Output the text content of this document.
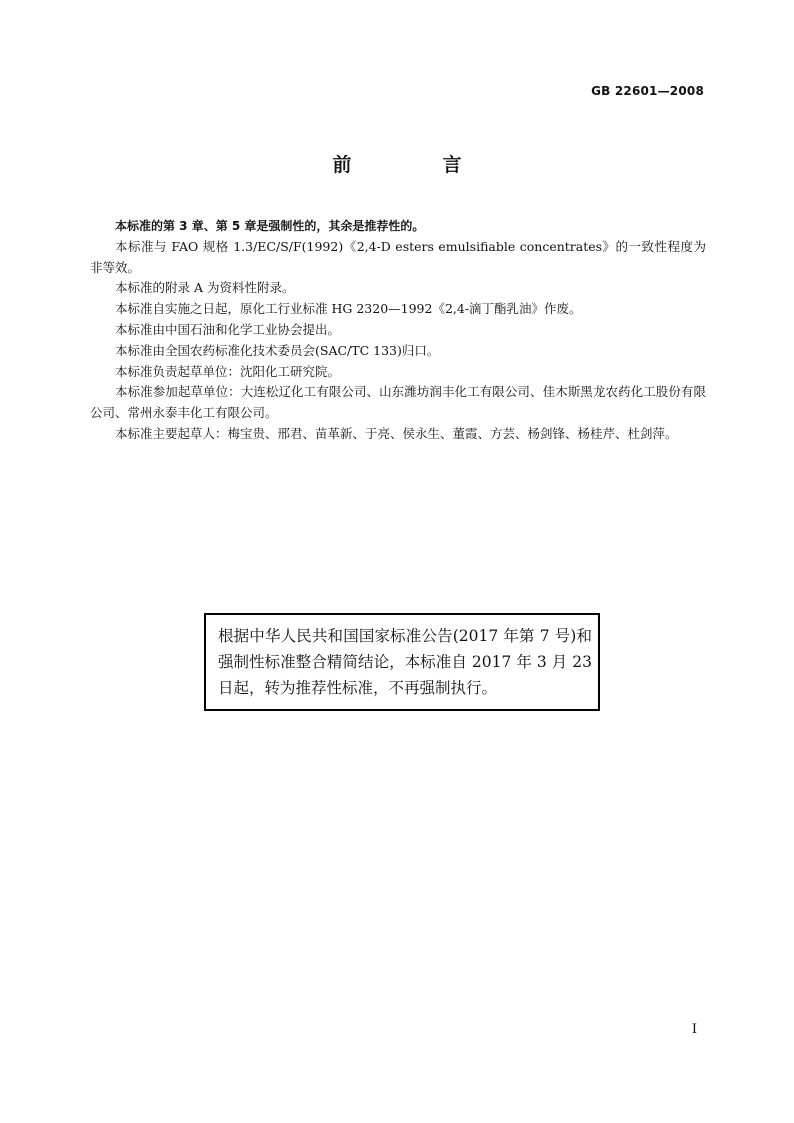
GB 22601—2008
前　言

本标准的第 3 章、第 5 章是强制性的，其余是推荐性的。

本标准与 FAO 规格 1.3/EC/S/F(1992)《2,4-D esters emulsifiable concentrates》的一致性程度为非等效。

本标准的附录 A 为资料性附录。

本标准自实施之日起，原化工行业标准 HG 2320—1992《2,4-滴丁酯乳油》作废。

本标准由中国石油和化学工业协会提出。

本标准由全国农药标准化技术委员会(SAC/TC 133)归口。

本标准负责起草单位：沈阳化工研究院。

本标准参加起草单位：大连松辽化工有限公司、山东潍坊润丰化工有限公司、佳木斯黑龙农药化工股份有限公司、常州永泰丰化工有限公司。

本标准主要起草人：梅宝贵、邢君、苗革新、于亮、侯永生、董霞、方芸、杨剑锋、杨桂芹、杜剑萍。

根据中华人民共和国国家标准公告(2017 年第 7 号)和强制性标准整合精简结论，本标准自 2017 年 3 月 23 日起，转为推荐性标准，不再强制执行。
I
